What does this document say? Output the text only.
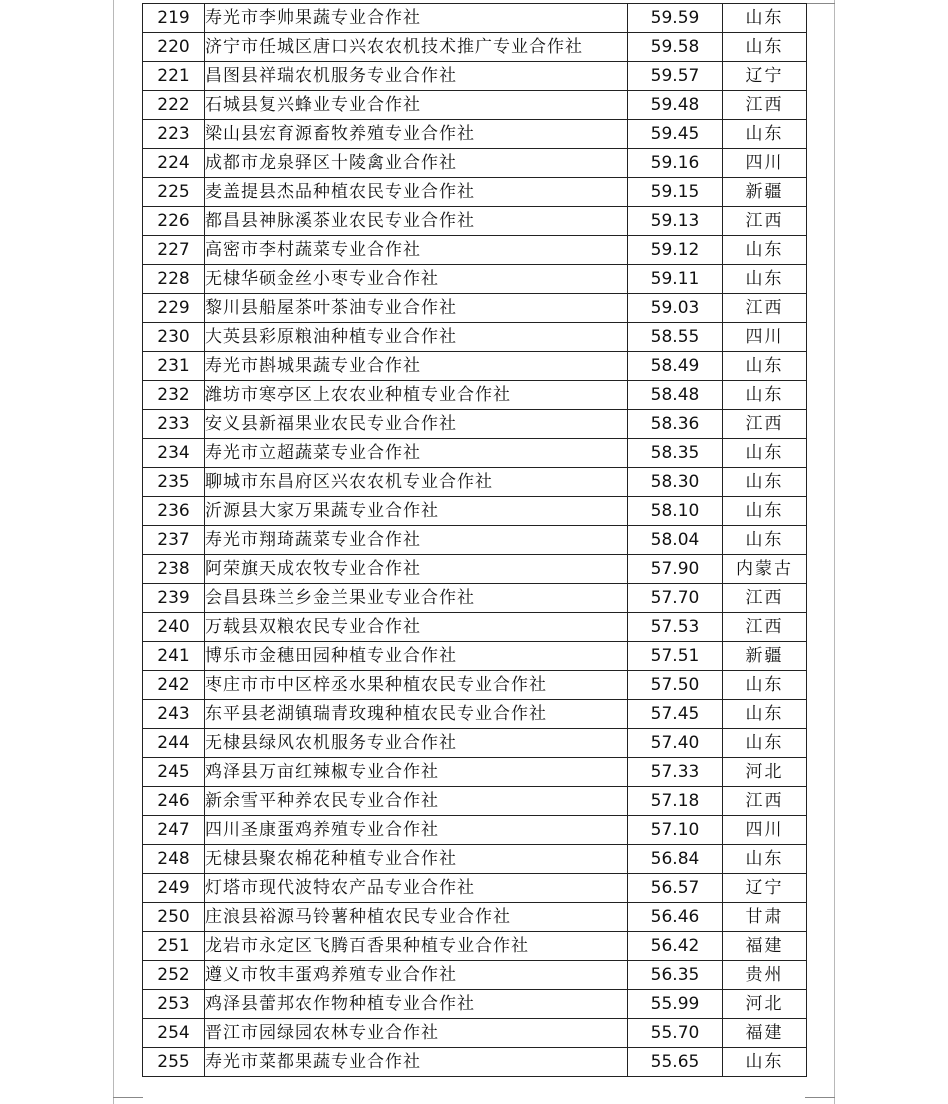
219	寿光市李帅果蔬专业合作社	59.59	山东
220	济宁市任城区唐口兴农农机技术推广专业合作社	59.58	山东
221	昌图县祥瑞农机服务专业合作社	59.57	辽宁
222	石城县复兴蜂业专业合作社	59.48	江西
223	梁山县宏育源畜牧养殖专业合作社	59.45	山东
224	成都市龙泉驿区十陵禽业合作社	59.16	四川
225	麦盖提县杰品种植农民专业合作社	59.15	新疆
226	都昌县神脉溪茶业农民专业合作社	59.13	江西
227	高密市李村蔬菜专业合作社	59.12	山东
228	无棣华硕金丝小枣专业合作社	59.11	山东
229	黎川县船屋茶叶茶油专业合作社	59.03	江西
230	大英县彩原粮油种植专业合作社	58.55	四川
231	寿光市斟城果蔬专业合作社	58.49	山东
232	潍坊市寒亭区上农农业种植专业合作社	58.48	山东
233	安义县新福果业农民专业合作社	58.36	江西
234	寿光市立超蔬菜专业合作社	58.35	山东
235	聊城市东昌府区兴农农机专业合作社	58.30	山东
236	沂源县大家万果蔬专业合作社	58.10	山东
237	寿光市翔琦蔬菜专业合作社	58.04	山东
238	阿荣旗天成农牧专业合作社	57.90	内蒙古
239	会昌县珠兰乡金兰果业专业合作社	57.70	江西
240	万载县双粮农民专业合作社	57.53	江西
241	博乐市金穗田园种植专业合作社	57.51	新疆
242	枣庄市市中区梓丞水果种植农民专业合作社	57.50	山东
243	东平县老湖镇瑞青玫瑰种植农民专业合作社	57.45	山东
244	无棣县绿风农机服务专业合作社	57.40	山东
245	鸡泽县万亩红辣椒专业合作社	57.33	河北
246	新余雪平种养农民专业合作社	57.18	江西
247	四川圣康蛋鸡养殖专业合作社	57.10	四川
248	无棣县聚农棉花种植专业合作社	56.84	山东
249	灯塔市现代波特农产品专业合作社	56.57	辽宁
250	庄浪县裕源马铃薯种植农民专业合作社	56.46	甘肃
251	龙岩市永定区飞腾百香果种植专业合作社	56.42	福建
252	遵义市牧丰蛋鸡养殖专业合作社	56.35	贵州
253	鸡泽县蕾邦农作物种植专业合作社	55.99	河北
254	晋江市园绿园农林专业合作社	55.70	福建
255	寿光市菜都果蔬专业合作社	55.65	山东
